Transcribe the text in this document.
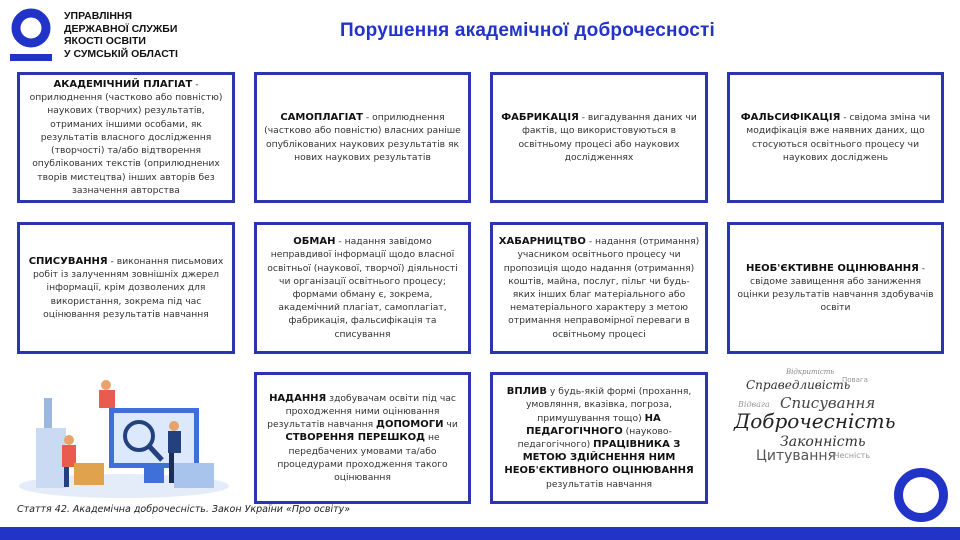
УПРАВЛІННЯ
ДЕРЖАВНОЇ СЛУЖБИ
ЯКОСТІ ОСВІТИ
У СУМСЬКІЙ ОБЛАСТІ
Порушення академічної доброчесності
АКАДЕМІЧНИЙ ПЛАГІАТ - оприлюднення (частково або повністю) наукових (творчих) результатів, отриманих іншими особами, як результатів власного дослідження (творчості) та/або відтворення опублікованих текстів (оприлюднених творів мистецтва) інших авторів без зазначення авторства
САМОПЛАГІАТ - оприлюднення (частково або повністю) власних раніше опублікованих наукових результатів як нових наукових результатів
ФАБРИКАЦІЯ - вигадування даних чи фактів, що використовуються в освітньому процесі або наукових дослідженнях
ФАЛЬСИФІКАЦІЯ - свідома зміна чи модифікація вже наявних даних, що стосуються освітнього процесу чи наукових досліджень
СПИСУВАННЯ - виконання письмових робіт із залученням зовнішніх джерел інформації, крім дозволених для використання, зокрема під час оцінювання результатів навчання
ОБМАН - надання завідомо неправдивої інформації щодо власної освітньої (наукової, творчої) діяльності чи організації освітнього процесу; формами обману є, зокрема, академічний плагіат, самоплагіат, фабрикація, фальсифікація та списування
ХАБАРНИЦТВО - надання (отримання) учасником освітнього процесу чи пропозиція щодо надання (отримання) коштів, майна, послуг, пільг чи будь-яких інших благ матеріального або нематеріального характеру з метою отримання неправомірної переваги в освітньому процесі
НЕОБ'ЄКТИВНЕ ОЦІНЮВАННЯ - свідоме завищення або заниження оцінки результатів навчання здобувачів освіти
НАДАННЯ здобувачам освіти під час проходження ними оцінювання результатів навчання ДОПОМОГИ чи СТВОРЕННЯ ПЕРЕШКОД не передбачених умовами та/або процедурами проходження такого оцінювання
ВПЛИВ у будь-якій формі (прохання, умовляння, вказівка, погроза, примушування тощо) НА ПЕДАГОГІЧНОГО (науково-педагогічного) ПРАЦІВНИКА З МЕТОЮ ЗДІЙСНЕННЯ НИМ НЕОБ'ЄКТИВНОГО ОЦІНЮВАННЯ результатів навчання
Справедливість
Списування
Доброчесність
Законність
Цитування
Відвага
Чесність
Відкритість
Повага
Стаття 42. Академічна доброчесність. Закон України «Про освіту»
